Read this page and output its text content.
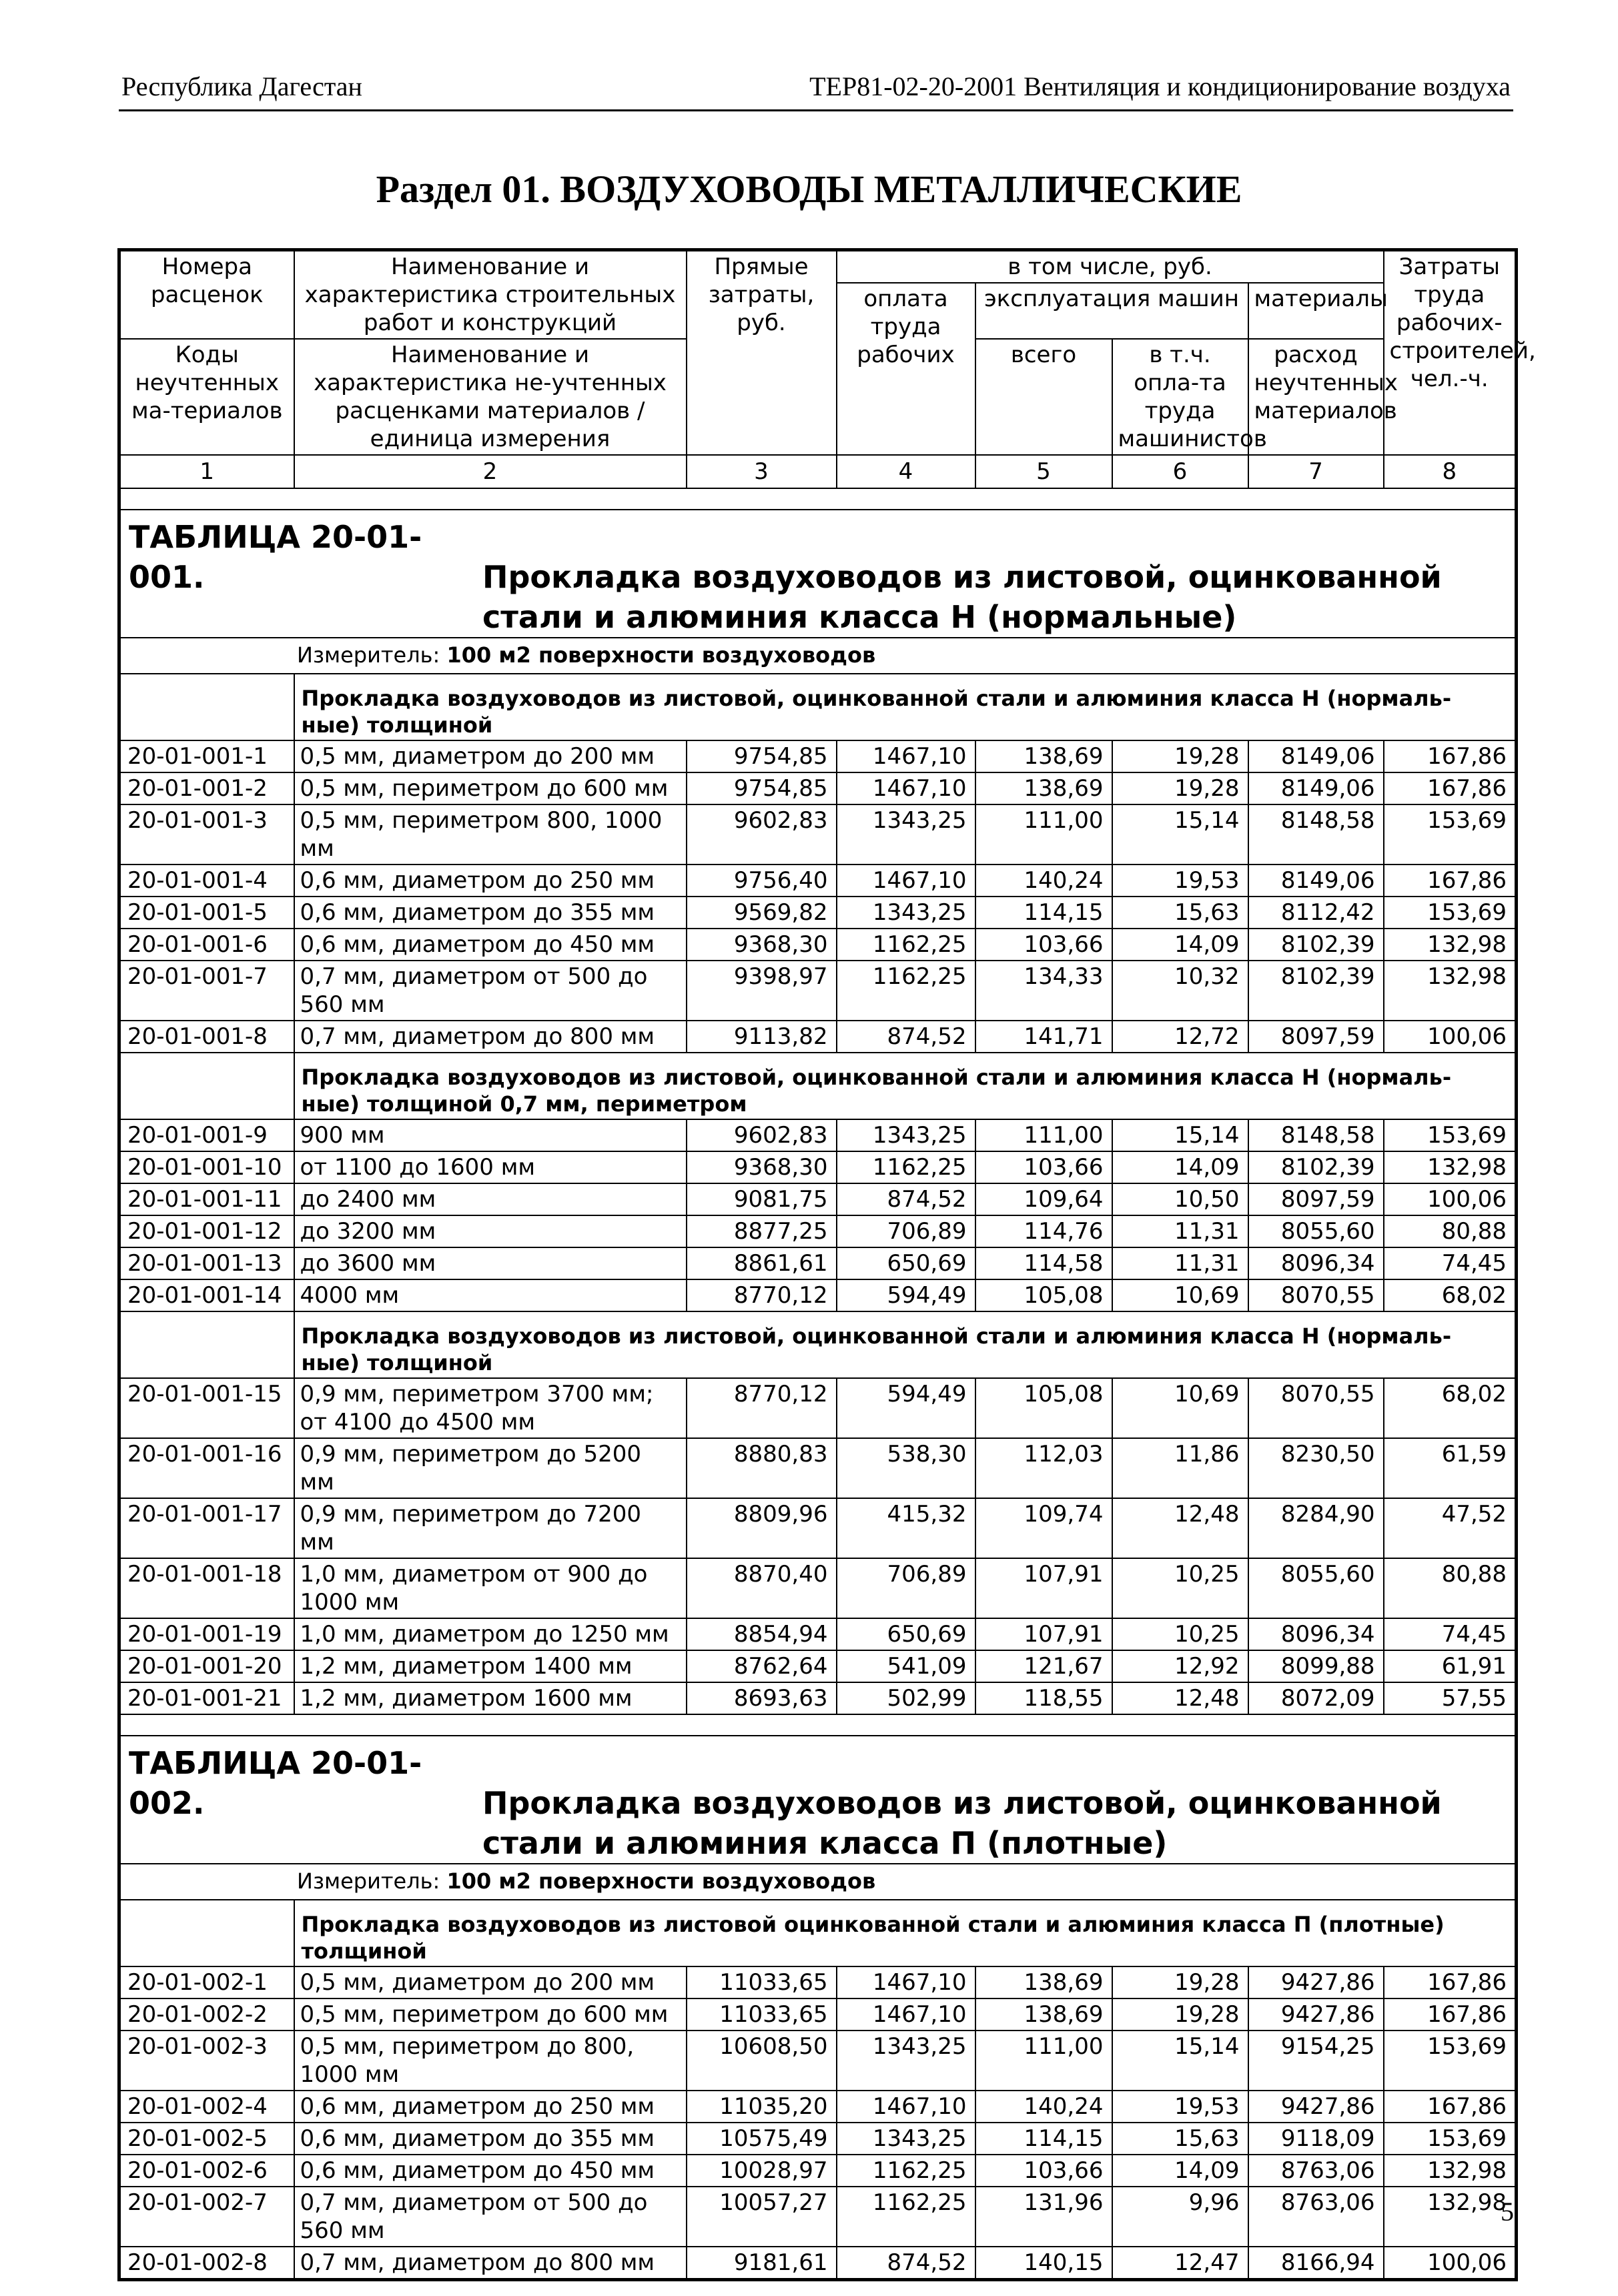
Республика Дагестан	ТЕР81-02-20-2001 Вентиляция и кондиционирование воздуха
Раздел 01. ВОЗДУХОВОДЫ МЕТАЛЛИЧЕСКИЕ
Номера расценок	Наименование и характеристика строительных работ и конструкций	Прямые затраты, руб.	в том числе, руб.				Затраты труда рабочих-строителей, чел.-ч.
			оплата труда рабочих	эксплуатация машин		материалы	
Коды неучтенных ма-териалов	Наименование и характеристика не-учтенных расценками материалов / единица измерения			всего	в т.ч. опла-та труда машинистов	расход неучтенных материалов	

1	2	3	4	5	6	7	8

ТАБЛИЦА 20-01-001. Прокладка воздуховодов из листовой, оцинкованной стали и алюминия класса Н (нормальные)							

Измеритель: 100 м2 поверхности воздуховодов							
	Прокладка воздуховодов из листовой, оцинкованной стали и алюминия класса Н (нормаль-ные) толщиной						
20-01-001-1	0,5 мм, диаметром до 200 мм	9754,85	1467,10	138,69	19,28	8149,06	167,86
20-01-001-2	0,5 мм, периметром до 600 мм	9754,85	1467,10	138,69	19,28	8149,06	167,86
20-01-001-3	0,5 мм, периметром 800, 1000 мм	9602,83	1343,25	111,00	15,14	8148,58	153,69
20-01-001-4	0,6 мм, диаметром до 250 мм	9756,40	1467,10	140,24	19,53	8149,06	167,86
20-01-001-5	0,6 мм, диаметром до 355 мм	9569,82	1343,25	114,15	15,63	8112,42	153,69
20-01-001-6	0,6 мм, диаметром до 450 мм	9368,30	1162,25	103,66	14,09	8102,39	132,98
20-01-001-7	0,7 мм, диаметром от 500 до 560 мм	9398,97	1162,25	134,33	10,32	8102,39	132,98
20-01-001-8	0,7 мм, диаметром до 800 мм	9113,82	874,52	141,71	12,72	8097,59	100,06
	Прокладка воздуховодов из листовой, оцинкованной стали и алюминия класса Н (нормаль-ные) толщиной 0,7 мм, периметром						
20-01-001-9	900 мм	9602,83	1343,25	111,00	15,14	8148,58	153,69
20-01-001-10	от 1100 до 1600 мм	9368,30	1162,25	103,66	14,09	8102,39	132,98
20-01-001-11	до 2400 мм	9081,75	874,52	109,64	10,50	8097,59	100,06
20-01-001-12	до 3200 мм	8877,25	706,89	114,76	11,31	8055,60	80,88
20-01-001-13	до 3600 мм	8861,61	650,69	114,58	11,31	8096,34	74,45
20-01-001-14	4000 мм	8770,12	594,49	105,08	10,69	8070,55	68,02
	Прокладка воздуховодов из листовой, оцинкованной стали и алюминия класса Н (нормаль-ные) толщиной						
20-01-001-15	0,9 мм, периметром 3700 мм; от 4100 до 4500 мм	8770,12	594,49	105,08	10,69	8070,55	68,02
20-01-001-16	0,9 мм, периметром до 5200 мм	8880,83	538,30	112,03	11,86	8230,50	61,59
20-01-001-17	0,9 мм, периметром до 7200 мм	8809,96	415,32	109,74	12,48	8284,90	47,52
20-01-001-18	1,0 мм, диаметром от 900 до 1000 мм	8870,40	706,89	107,91	10,25	8055,60	80,88
20-01-001-19	1,0 мм, диаметром до 1250 мм	8854,94	650,69	107,91	10,25	8096,34	74,45
20-01-001-20	1,2 мм, диаметром 1400 мм	8762,64	541,09	121,67	12,92	8099,88	61,91
20-01-001-21	1,2 мм, диаметром 1600 мм	8693,63	502,99	118,55	12,48	8072,09	57,55

ТАБЛИЦА 20-01-002. Прокладка воздуховодов из листовой, оцинкованной стали и алюминия класса П (плотные)							

Измеритель: 100 м2 поверхности воздуховодов							
	Прокладка воздуховодов из листовой оцинкованной стали и алюминия класса П (плотные) толщиной						
20-01-002-1	0,5 мм, диаметром до 200 мм	11033,65	1467,10	138,69	19,28	9427,86	167,86
20-01-002-2	0,5 мм, периметром до 600 мм	11033,65	1467,10	138,69	19,28	9427,86	167,86
20-01-002-3	0,5 мм, периметром до 800, 1000 мм	10608,50	1343,25	111,00	15,14	9154,25	153,69
20-01-002-4	0,6 мм, диаметром до 250 мм	11035,20	1467,10	140,24	19,53	9427,86	167,86
20-01-002-5	0,6 мм, диаметром до 355 мм	10575,49	1343,25	114,15	15,63	9118,09	153,69
20-01-002-6	0,6 мм, диаметром до 450 мм	10028,97	1162,25	103,66	14,09	8763,06	132,98
20-01-002-7	0,7 мм, диаметром от 500 до 560 мм	10057,27	1162,25	131,96	9,96	8763,06	132,98
20-01-002-8	0,7 мм, диаметром до 800 мм	9181,61	874,52	140,15	12,47	8166,94	100,06
5
